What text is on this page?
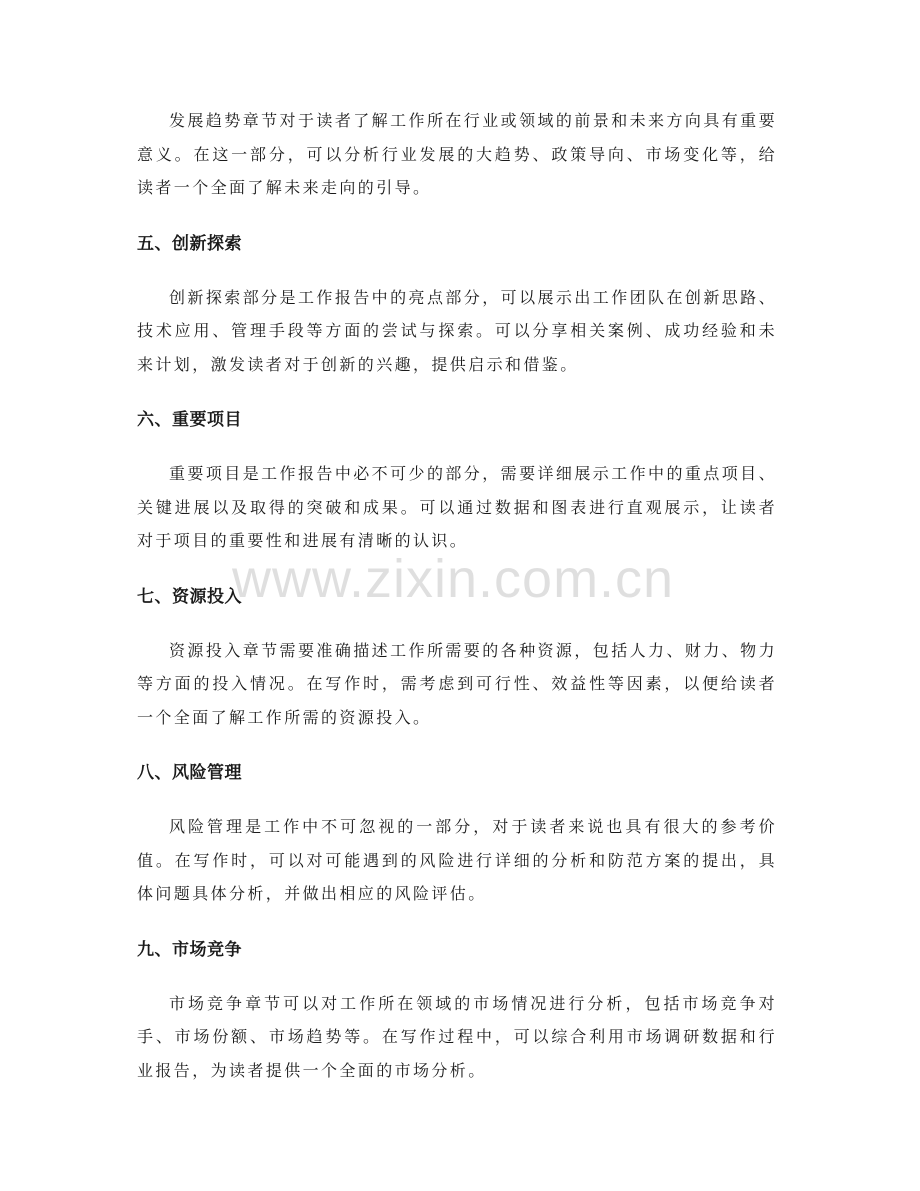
发展趋势章节对于读者了解工作所在行业或领域的前景和未来方向具有重要意义。在这一部分，可以分析行业发展的大趋势、政策导向、市场变化等，给读者一个全面了解未来走向的引导。

五、创新探索

创新探索部分是工作报告中的亮点部分，可以展示出工作团队在创新思路、技术应用、管理手段等方面的尝试与探索。可以分享相关案例、成功经验和未来计划，激发读者对于创新的兴趣，提供启示和借鉴。

六、重要项目

重要项目是工作报告中必不可少的部分，需要详细展示工作中的重点项目、关键进展以及取得的突破和成果。可以通过数据和图表进行直观展示，让读者对于项目的重要性和进展有清晰的认识。

七、资源投入

资源投入章节需要准确描述工作所需要的各种资源，包括人力、财力、物力等方面的投入情况。在写作时，需考虑到可行性、效益性等因素，以便给读者一个全面了解工作所需的资源投入。

八、风险管理

风险管理是工作中不可忽视的一部分，对于读者来说也具有很大的参考价值。在写作时，可以对可能遇到的风险进行详细的分析和防范方案的提出，具体问题具体分析，并做出相应的风险评估。

九、市场竞争

市场竞争章节可以对工作所在领域的市场情况进行分析，包括市场竞争对手、市场份额、市场趋势等。在写作过程中，可以综合利用市场调研数据和行业报告，为读者提供一个全面的市场分析。

www.zixin.com.cn
